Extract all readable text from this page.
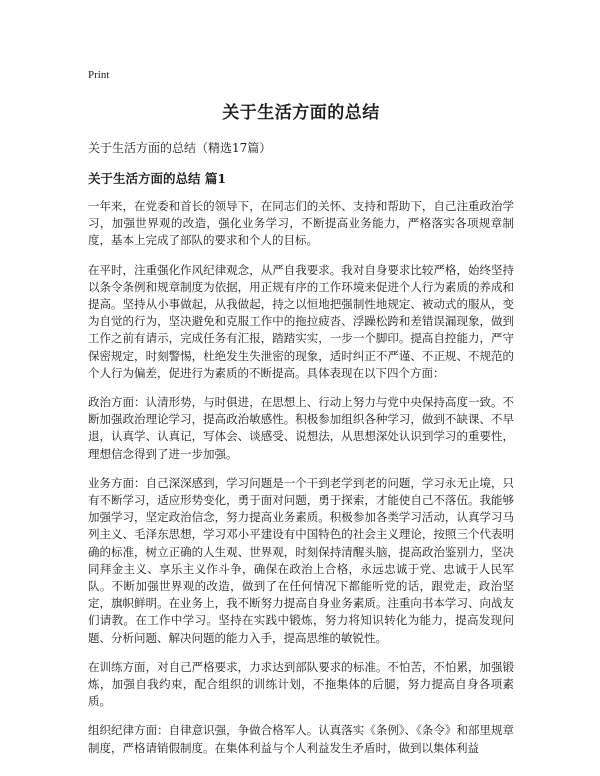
Print
关于生活方面的总结
关于生活方面的总结（精选17篇）
关于生活方面的总结 篇1

一年来，在党委和首长的领导下，在同志们的关怀、支持和帮助下，自己注重政治学习，加强世界观的改造，强化业务学习，不断提高业务能力，严格落实各项规章制度，基本上完成了部队的要求和个人的目标。

在平时，注重强化作风纪律观念，从严自我要求。我对自身要求比较严格，始终坚持以条令条例和规章制度为依据，用正规有序的工作环境来促进个人行为素质的养成和提高。坚持从小事做起，从我做起，持之以恒地把强制性地规定、被动式的服从，变为自觉的行为，坚决避免和克服工作中的拖拉疲沓、浮躁松跨和差错误漏现象，做到工作之前有请示，完成任务有汇报，踏踏实实，一步一个脚印。提高自控能力，严守保密规定，时刻警惕，杜绝发生失泄密的现象，适时纠正不严谨、不正规、不规范的个人行为偏差，促进行为素质的不断提高。具体表现在以下四个方面：

政治方面：认清形势，与时俱进，在思想上、行动上努力与党中央保持高度一致。不断加强政治理论学习，提高政治敏感性。积极参加组织各种学习，做到不缺课、不早退，认真学、认真记，写体会、谈感受、说想法，从思想深处认识到学习的重要性，理想信念得到了进一步加强。

业务方面：自己深深感到，学习问题是一个干到老学到老的问题，学习永无止境，只有不断学习，适应形势变化，勇于面对问题，勇于探索，才能使自己不落伍。我能够加强学习，坚定政治信念，努力提高业务素质。积极参加各类学习活动，认真学习马列主义、毛泽东思想，学习邓小平建设有中国特色的社会主义理论，按照三个代表明确的标准，树立正确的人生观、世界观，时刻保持清醒头脑，提高政治鉴别力，坚决同拜金主义、享乐主义作斗争，确保在政治上合格，永远忠诚于党、忠诚于人民军队。不断加强世界观的改造，做到了在任何情况下都能听党的话，跟党走，政治坚定，旗帜鲜明。在业务上，我不断努力提高自身业务素质。注重向书本学习、向战友们请教。在工作中学习。坚持在实践中锻炼，努力将知识转化为能力，提高发现问题、分析问题、解决问题的能力入手，提高思维的敏锐性。

在训练方面，对自己严格要求，力求达到部队要求的标准。不怕苦，不怕累，加强锻炼，加强自我约束，配合组织的训练计划，不拖集体的后腿，努力提高自身各项素质。

组织纪律方面：自律意识强，争做合格军人。认真落实《条例》、《条令》和部里规章制度，严格请销假制度。在集体利益与个人利益发生矛盾时，做到以集体利益
